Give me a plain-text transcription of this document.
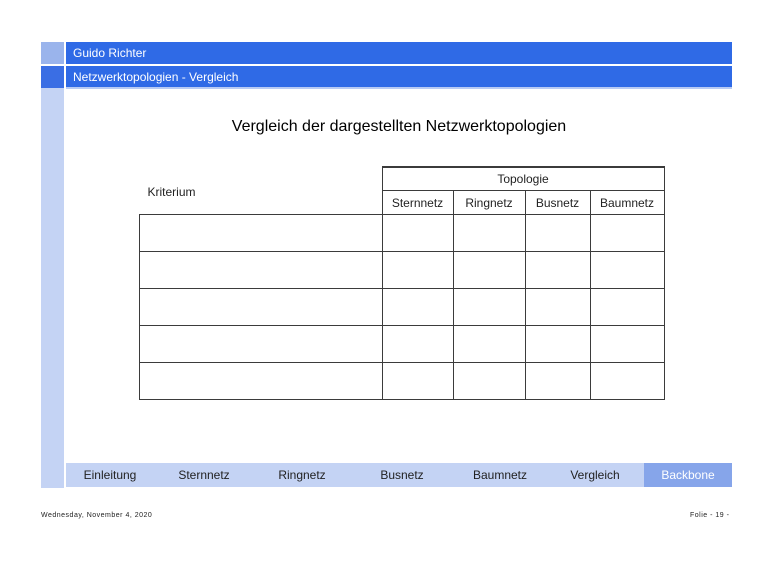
Guido Richter
Netzwerktopologien - Vergleich
Vergleich der dargestellten Netzwerktopologien
Kriterium	Topologie			
	Sternnetz	Ringnetz	Busnetz	Baumnetz

Einleitung	Sternnetz	Ringnetz	Busnetz	Baumnetz	Vergleich	Backbone
Wednesday, November 4, 2020	Folie - 19 -
